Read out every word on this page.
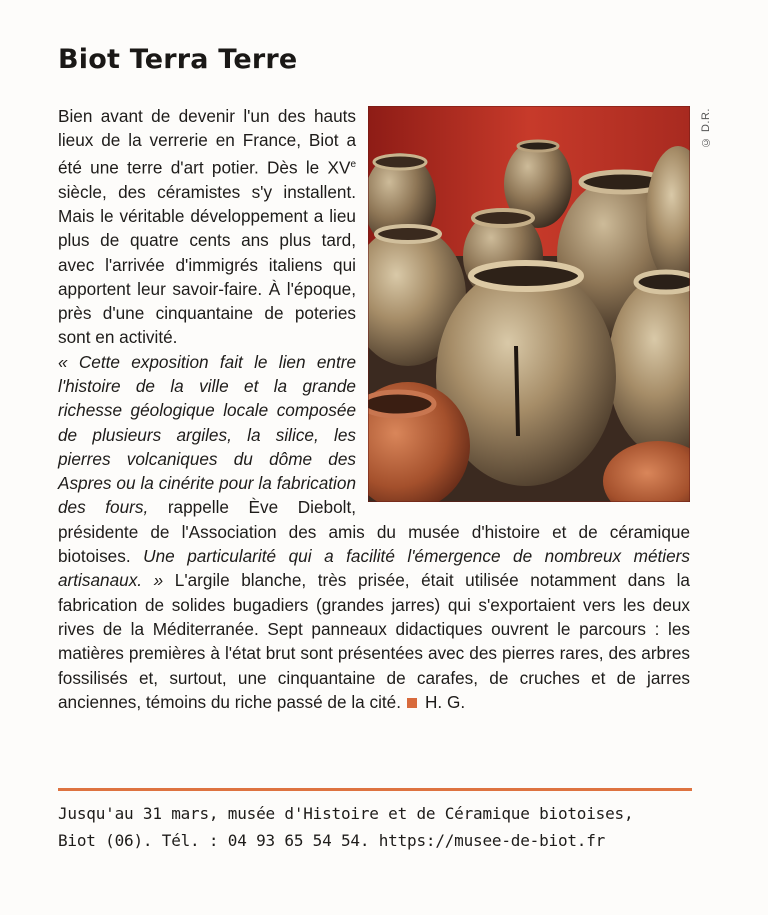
Biot Terra Terre
© D.R.

Bien avant de devenir l'un des hauts lieux de la verrerie en France, Biot a été une terre d'art potier. Dès le XVe siècle, des céramistes s'y installent. Mais le véritable développement a lieu plus de quatre cents ans plus tard, avec l'arrivée d'immigrés italiens qui apportent leur savoir-faire. À l'époque, près d'une cinquantaine de poteries sont en activité.

« Cette exposition fait le lien entre l'histoire de la ville et la grande richesse géologique locale composée de plusieurs argiles, la silice, les pierres volcaniques du dôme des Aspres ou la cinérite pour la fabrication des fours, rappelle Ève Diebolt, présidente de l'Association des amis du musée d'histoire et de céramique biotoises. Une particularité qui a facilité l'émergence de nombreux métiers artisanaux. » L'argile blanche, très prisée, était utilisée notamment dans la fabrication de solides bugadiers (grandes jarres) qui s'exportaient vers les deux rives de la Méditerranée. Sept panneaux didactiques ouvrent le parcours : les matières premières à l'état brut sont présentées avec des pierres rares, des arbres fossilisés et, surtout, une cinquantaine de carafes, de cruches et de jarres anciennes, témoins du riche passé de la cité. H. G.

Jusqu'au 31 mars, musée d'Histoire et de Céramique biotoises,
Biot (06). Tél. : 04 93 65 54 54. https://musee-de-biot.fr
